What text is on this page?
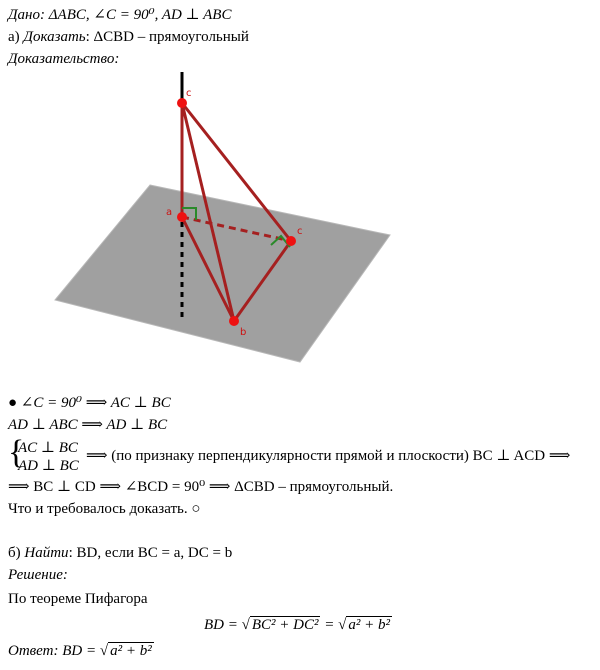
Дано: ΔABC, ∠C = 90⁰, AD ⊥ ABC
а) Доказать: ΔCBD – прямоугольный
Доказательство:
c
a
c
b
● ∠C = 90⁰ ⟹ AC ⊥ BC
AD ⊥ ABC ⟹ AD ⊥ BC
{
AC ⊥ BC
AD ⊥ BC
⟹ (по признаку перпендикулярности прямой и плоскости) BC ⊥ ACD ⟹
⟹ BC ⊥ CD ⟹ ∠BCD = 90⁰ ⟹ ΔCBD – прямоугольный.
Что и требовалось доказать. ○
б) Найти: BD, если BC = a, DC = b
Решение:
По теореме Пифагора
BD = √ BC² + DC² = √ a² + b²
Ответ: BD = √ a² + b²
